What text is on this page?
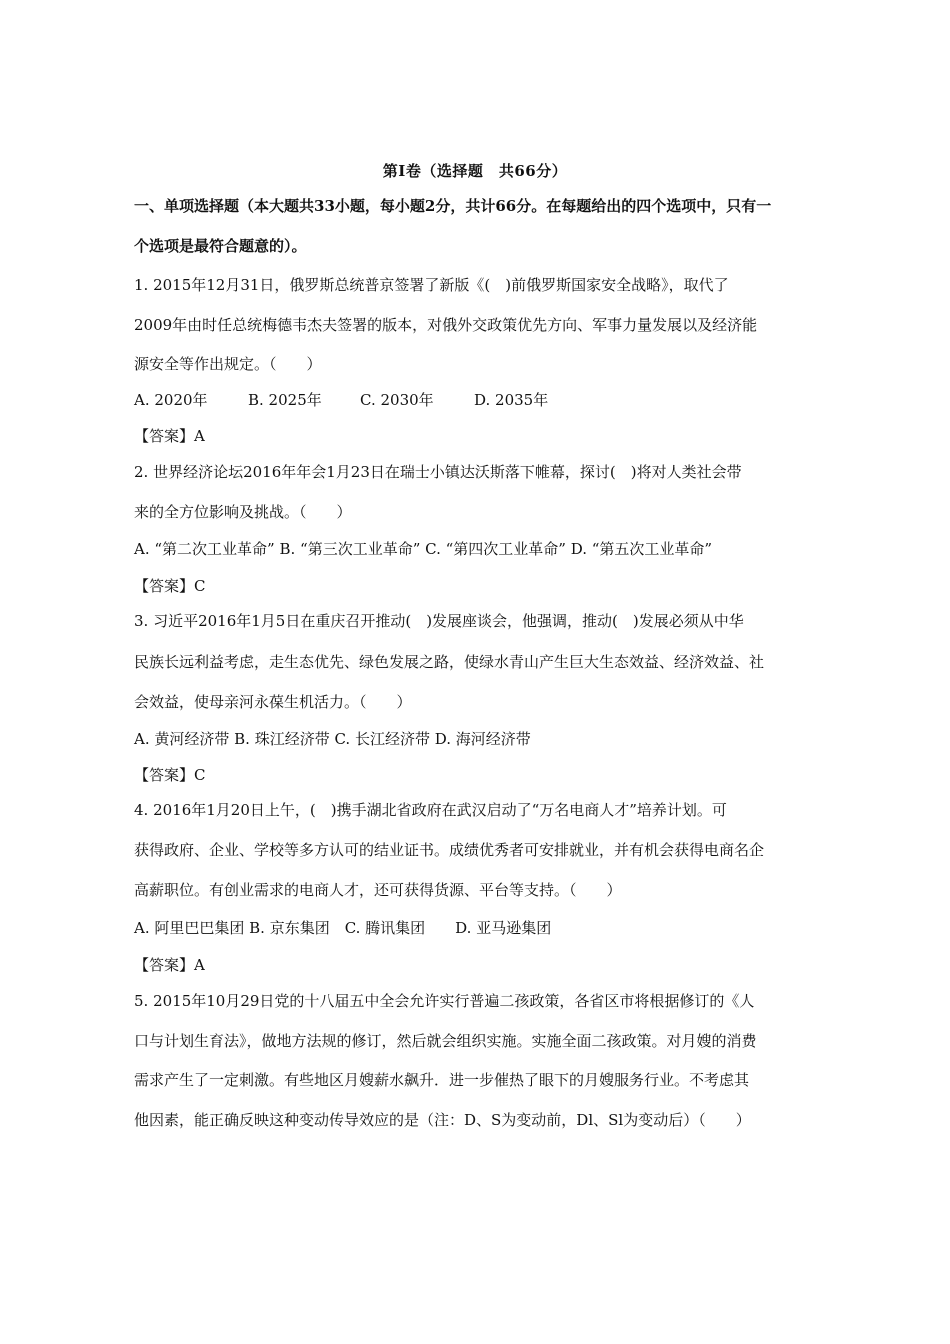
第Ⅰ卷（选择题　共66分）
一、单项选择题（本大题共33小题，每小题2分，共计66分。在每题给出的四个选项中，只有一
个选项是最符合题意的）。
1. 2015年12月31日，俄罗斯总统普京签署了新版《(　)前俄罗斯国家安全战略》，取代了
2009年由时任总统梅德韦杰夫签署的版本，对俄外交政策优先方向、军事力量发展以及经济能
源安全等作出规定。（　　）
A. 2020年	B. 2025年	C. 2030年	D. 2035年
【答案】A
2. 世界经济论坛2016年年会1月23日在瑞士小镇达沃斯落下帷幕，探讨(　)将对人类社会带
来的全方位影响及挑战。（　　）
A. “第二次工业革命” B. “第三次工业革命” C. “第四次工业革命” D. “第五次工业革命”
【答案】C
3. 习近平2016年1月5日在重庆召开推动(　)发展座谈会，他强调，推动(　)发展必须从中华
民族长远利益考虑，走生态优先、绿色发展之路，使绿水青山产生巨大生态效益、经济效益、社
会效益，使母亲河永葆生机活力。（　　）
A. 黄河经济带 B. 珠江经济带 C. 长江经济带 D. 海河经济带
【答案】C
4. 2016年1月20日上午，(　)携手湖北省政府在武汉启动了“万名电商人才”培养计划。可
获得政府、企业、学校等多方认可的结业证书。成绩优秀者可安排就业，并有机会获得电商名企
高薪职位。有创业需求的电商人才，还可获得货源、平台等支持。（　　）
A. 阿里巴巴集团 B. 京东集团　C. 腾讯集团　　D. 亚马逊集团
【答案】A
5. 2015年10月29日党的十八届五中全会允许实行普遍二孩政策，各省区市将根据修订的《人
口与计划生育法》，做地方法规的修订，然后就会组织实施。实施全面二孩政策。对月嫂的消费
需求产生了一定刺激。有些地区月嫂薪水飙升．进一步催热了眼下的月嫂服务行业。不考虑其
他因素，能正确反映这种变动传导效应的是（注：D、S为变动前，Dl、Sl为变动后）（　　）
